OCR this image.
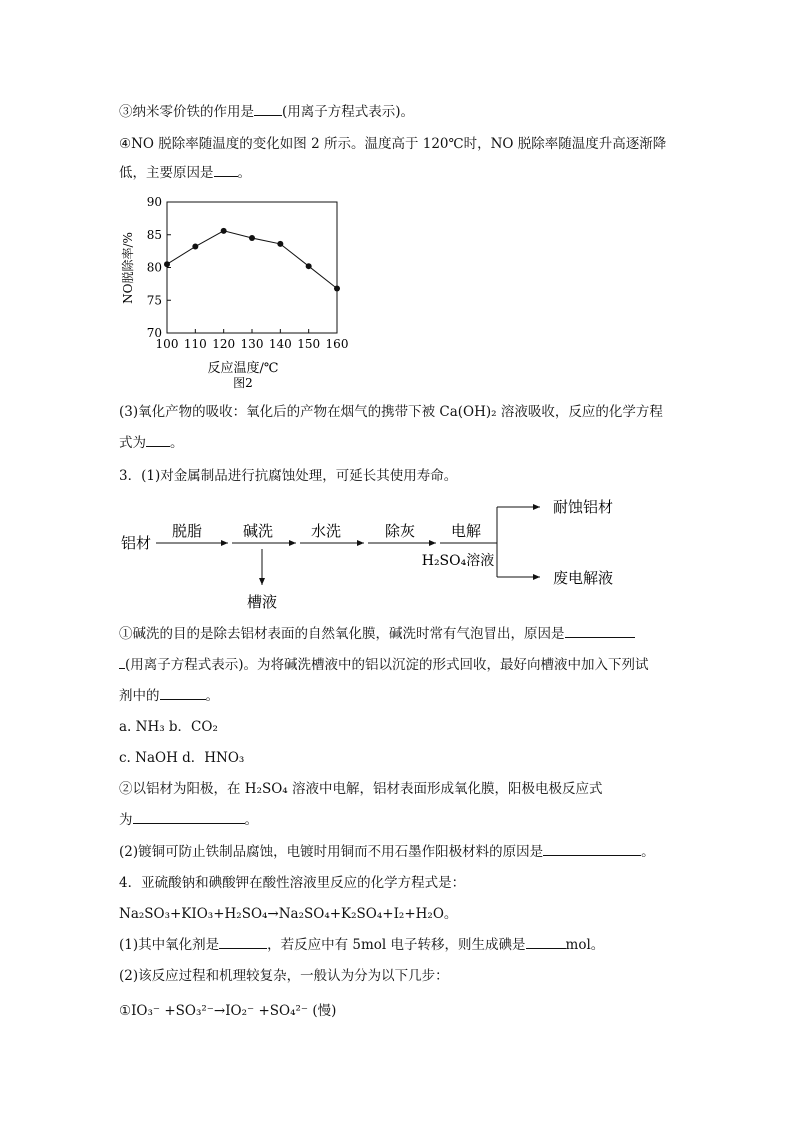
③纳米零价铁的作用是 (用离子方程式表示)。
④NO 脱除率随温度的变化如图 2 所示。温度高于 120℃时，NO 脱除率随温度升高逐渐降
低，主要原因是 。
100 110 120 130 140 150 160
70
75
80
85
90
反应温度/℃
图2
NO脱除率/%
(3)氧化产物的吸收：氧化后的产物在烟气的携带下被 Ca(OH)₂ 溶液吸收，反应的化学方程
式为 。
3．(1)对金属制品进行抗腐蚀处理，可延长其使用寿命。
铝材
脱脂	碱洗	水洗	除灰 电解
H₂SO₄溶液
耐蚀铝材
废电解液
槽液
①碱洗的目的是除去铝材表面的自然氧化膜，碱洗时常有气泡冒出，原因是
(用离子方程式表示)。为将碱洗槽液中的铝以沉淀的形式回收，最好向槽液中加入下列试
剂中的	。
a. NH₃ b．CO₂
c. NaOH d．HNO₃
②以铝材为阳极，在 H₂SO₄ 溶液中电解，铝材表面形成氧化膜，阳极电极反应式
为	。
(2)镀铜可防止铁制品腐蚀，电镀时用铜而不用石墨作阳极材料的原因是	。
4．亚硫酸钠和碘酸钾在酸性溶液里反应的化学方程式是：
Na₂SO₃+KIO₃+H₂SO₄→Na₂SO₄+K₂SO₄+I₂+H₂O。
(1)其中氧化剂是	，若反应中有 5mol 电子转移，则生成碘是	mol。
(2)该反应过程和机理较复杂，一般认为分为以下几步：
①IO₃⁻ +SO₃²⁻→IO₂⁻ +SO₄²⁻ (慢)
